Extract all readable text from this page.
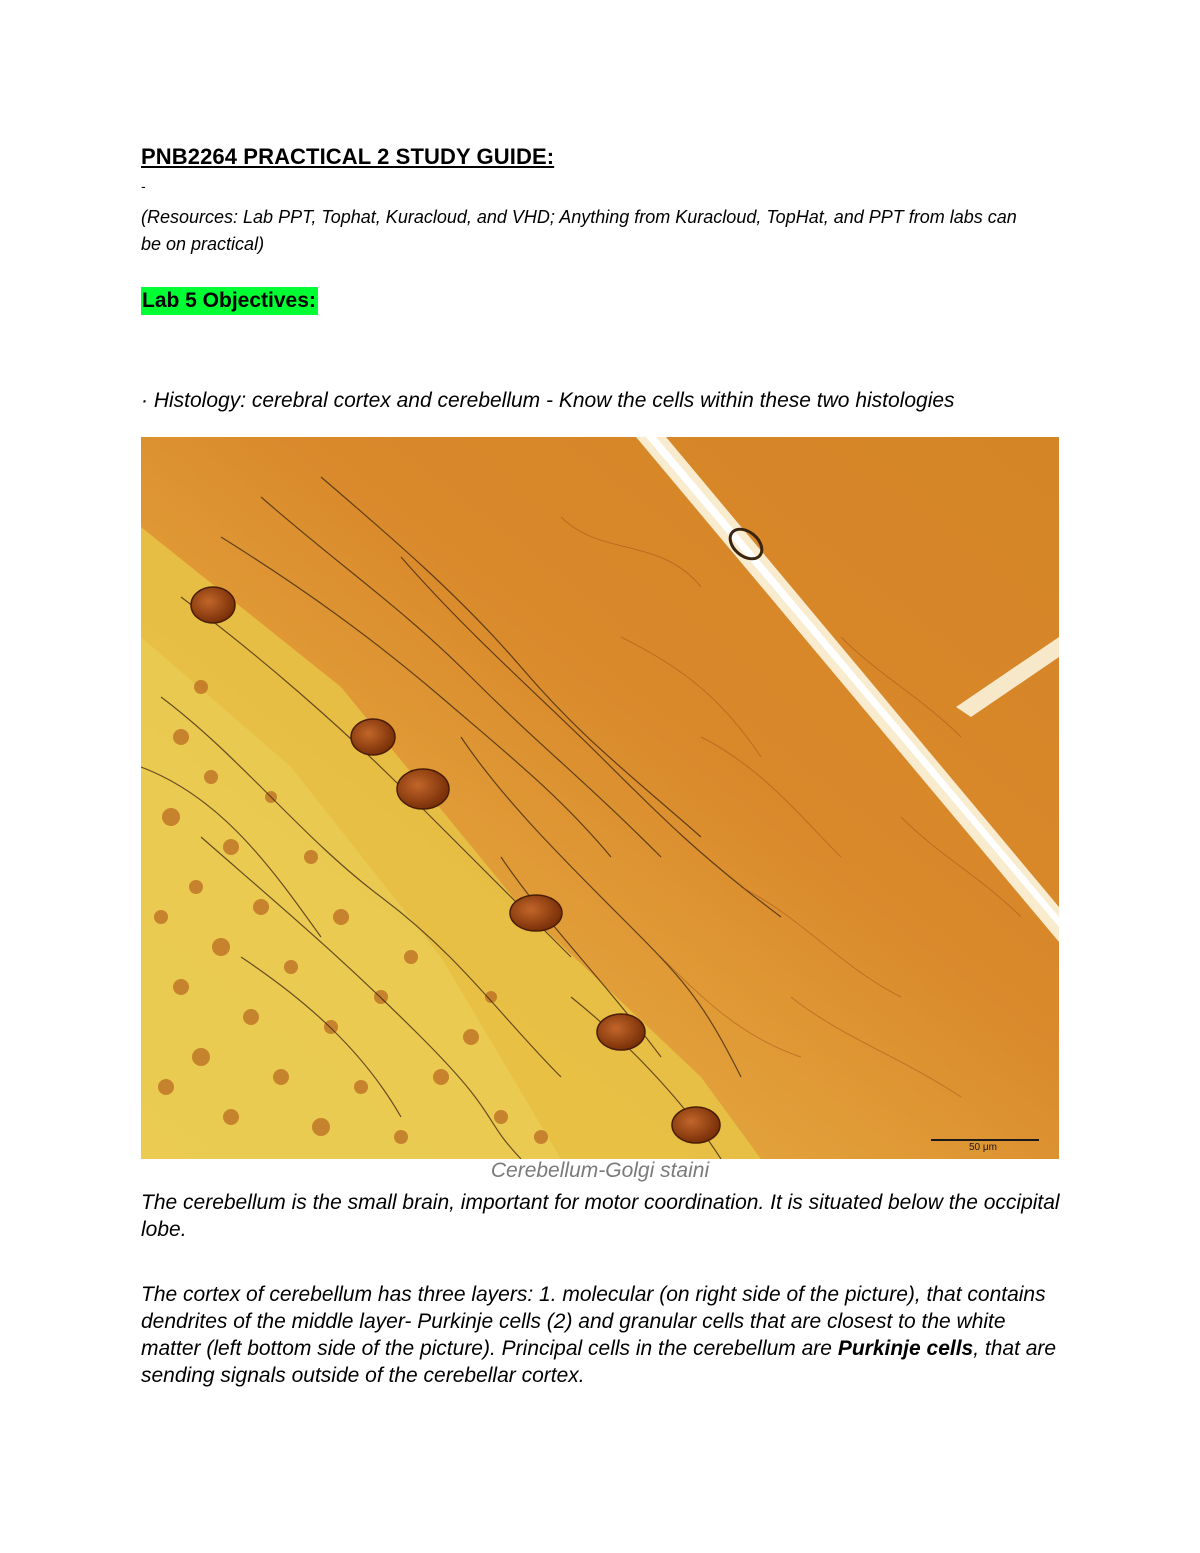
PNB2264 PRACTICAL 2 STUDY GUIDE:
-
(Resources: Lab PPT, Tophat, Kuracloud, and VHD; Anything from Kuracloud, TopHat, and PPT from labs can be on practical)
Lab 5 Objectives:
· Histology: cerebral cortex and cerebellum - Know the cells within these two histologies
50 μm
Cerebellum-Golgi staini
The cerebellum is the small brain, important for motor coordination. It is situated below the occipital lobe.
The cortex of cerebellum has three layers: 1. molecular (on right side of the picture), that contains dendrites of the middle layer- Purkinje cells (2) and granular cells that are closest to the white matter (left bottom side of the picture). Principal cells in the cerebellum are Purkinje cells, that are sending signals outside of the cerebellar cortex.
